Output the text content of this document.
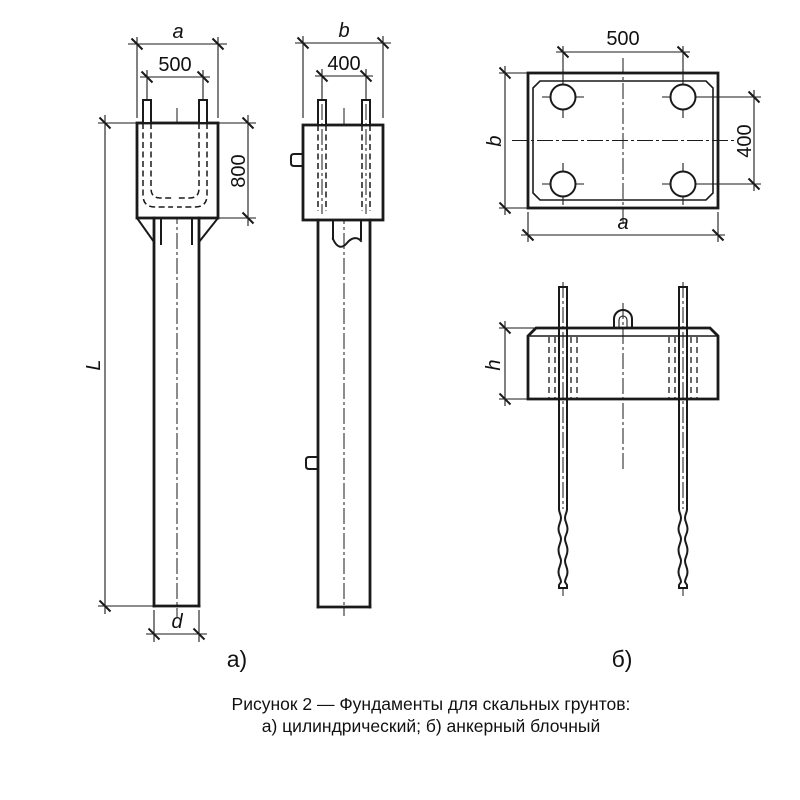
a
500
800
L
d
а)
b
400
500
400
b
a
h
б)
Рисунок 2 — Фундаменты для скальных грунтов:
а) цилиндрический; б) анкерный блочный
